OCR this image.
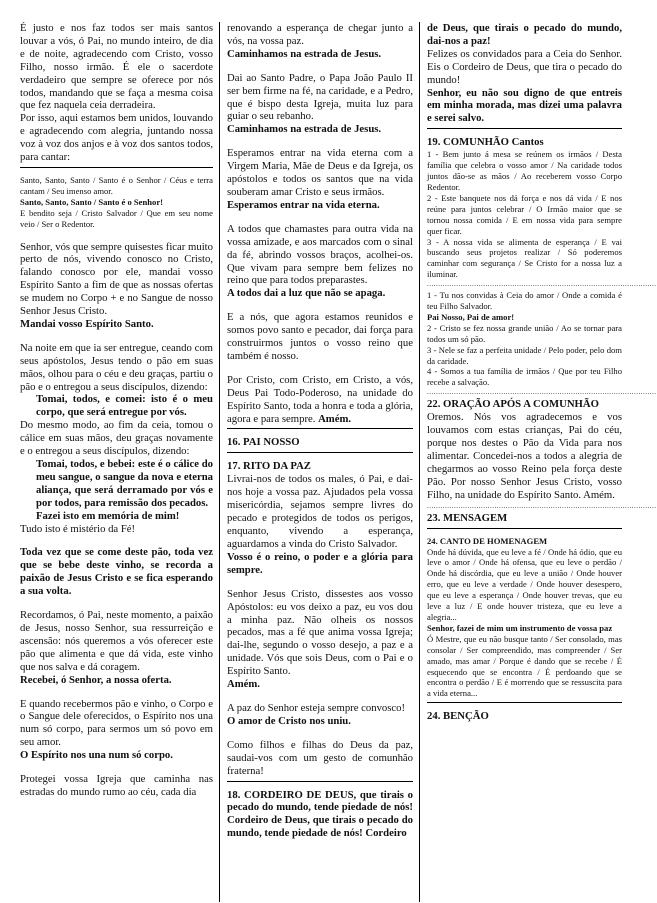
É justo e nos faz todos ser mais santos louvar a vós, ó Pai, no mundo inteiro, de dia e de noite, agradecendo com Cristo, vosso Filho, nosso irmão. É ele o sacerdote verdadeiro que sempre se oferece por nós todos, mandando que se faça a mesma coisa que fez naquela ceia derradeira.

Por isso, aqui estamos bem unidos, louvando e agradecendo com alegria, juntando nossa voz à voz dos anjos e à voz dos santos todos, para cantar:

Santo, Santo, Santo / Santo é o Senhor / Céus e terra cantam / Seu imenso amor.

Santo, Santo, Santo / Santo é o Senhor!

E bendito seja / Cristo Salvador / Que em seu nome veio / Ser o Redentor.

Senhor, vós que sempre quisestes ficar muito perto de nós, vivendo conosco no Cristo, falando conosco por ele, mandai vosso Espírito Santo a fim de que as nossas ofertas se mudem no Corpo + e no Sangue de nosso Senhor Jesus Cristo.

Mandai vosso Espírito Santo.

Na noite em que ia ser entregue, ceando com seus apóstolos, Jesus tendo o pão em suas mãos, olhou para o céu e deu graças, partiu o pão e o entregou a seus discípulos, dizendo:

Tomai, todos, e comei: isto é o meu corpo, que será entregue por vós.

Do mesmo modo, ao fim da ceia, tomou o cálice em suas mãos, deu graças novamente e o entregou a seus discípulos, dizendo:

Tomai, todos, e bebei: este é o cálice do meu sangue, o sangue da nova e eterna aliança, que será derramado por vós e por todos, para remissão dos pecados.

Fazei isto em memória de mim!

Tudo isto é mistério da Fé!

Toda vez que se come deste pão, toda vez que se bebe deste vinho, se recorda a paixão de Jesus Cristo e se fica esperando a sua volta.

Recordamos, ó Pai, neste momento, a paixão de Jesus, nosso Senhor, sua ressurreição e ascensão: nós queremos a vós oferecer este pão que alimenta e que dá vida, este vinho que nos salva e dá coragem.

Recebei, ó Senhor, a nossa oferta.

E quando recebermos pão e vinho, o Corpo e o Sangue dele oferecidos, o Espírito nos una num só corpo, para sermos um só povo em seu amor.

O Espírito nos una num só corpo.

Protegei vossa Igreja que caminha nas estradas do mundo rumo ao céu, cada dia

renovando a esperança de chegar junto a vós, na vossa paz.

Caminhamos na estrada de Jesus.

Dai ao Santo Padre, o Papa João Paulo II ser bem firme na fé, na caridade, e a Pedro, que é bispo desta Igreja, muita luz para guiar o seu rebanho.

Caminhamos na estrada de Jesus.

Esperamos entrar na vida eterna com a Virgem Maria, Mãe de Deus e da Igreja, os apóstolos e todos os santos que na vida souberam amar Cristo e seus irmãos.

Esperamos entrar na vida eterna.

A todos que chamastes para outra vida na vossa amizade, e aos marcados com o sinal da fé, abrindo vossos braços, acolhei-os. Que vivam para sempre bem felizes no reino que para todos preparastes.

A todos dai a luz que não se apaga.

E a nós, que agora estamos reunidos e somos povo santo e pecador, dai força para construirmos juntos o vosso reino que também é nosso.

Por Cristo, com Cristo, em Cristo, a vós, Deus Pai Todo-Poderoso, na unidade do Espírito Santo, toda a honra e toda a glória, agora e para sempre. Amém.

16. PAI NOSSO

17. RITO DA PAZ

Livrai-nos de todos os males, ó Pai, e dai-nos hoje a vossa paz. Ajudados pela vossa misericórdia, sejamos sempre livres do pecado e protegidos de todos os perigos, enquanto, vivendo a esperança, aguardamos a vinda do Cristo Salvador.

Vosso é o reino, o poder e a glória para sempre.

Senhor Jesus Cristo, dissestes aos vosso Apóstolos: eu vos deixo a paz, eu vos dou a minha paz. Não olheis os nossos pecados, mas a fé que anima vossa Igreja; dai-lhe, segundo o vosso desejo, a paz e a unidade. Vós que sois Deus, com o Pai e o Espírito Santo.

Amém.

A paz do Senhor esteja sempre convosco!

O amor de Cristo nos uniu.

Como filhos e filhas do Deus da paz, saudai-vos com um gesto de comunhão fraterna!

18. CORDEIRO DE DEUS, que tirais o pecado do mundo, tende piedade de nós! Cordeiro de Deus, que tirais o pecado do mundo, tende piedade de nós! Cordeiro

de Deus, que tirais o pecado do mundo, dai-nos a paz!

Felizes os convidados para a Ceia do Senhor. Eis o Cordeiro de Deus, que tira o pecado do mundo!

Senhor, eu não sou digno de que entreis em minha morada, mas dizei uma palavra e serei salvo.

19. COMUNHÃO Cantos

1 - Bem junto á mesa se reúnem os irmãos / Desta família que celebra o vosso amor / Na caridade todos juntos dão-se as mãos / Ao receberem vosso Corpo Redentor.

2 - Este banquete nos dá força e nos dá vida / E nos reúne para juntos celebrar / O Irmão maior que se tornou nossa comida / E em nossa vida para sempre quer ficar.

3 - A nossa vida se alimenta de esperança / E vai buscando seus projetos realizar / Só poderemos caminhar com segurança / Se Cristo for a nossa luz a iluminar.

......................................................................................................

1 - Tu nos convidas à Ceia do amor / Onde a comida é teu Filho Salvador.

Pai Nosso, Pai de amor!

2 - Cristo se fez nossa grande união / Ao se tornar para todos um só pão.

3 - Nele se faz a perfeita unidade / Pelo poder, pelo dom da caridade.

4 - Somos a tua família de irmãos / Que por teu Filho recebe a salvação.

......................................................................................................

22. ORAÇÃO APÓS A COMUNHÃO

Oremos. Nós vos agradecemos e vos louvamos com estas crianças, Pai do céu, porque nos destes o Pão da Vida para nos alimentar. Concedei-nos a todos a alegria de chegarmos ao vosso Reino pela força deste Pão. Por nosso Senhor Jesus Cristo, vosso Filho, na unidade do Espírito Santo. Amém.

......................................................................................................

23. MENSAGEM

24. CANTO DE HOMENAGEM

Onde há dúvida, que eu leve a fé / Onde há ódio, que eu leve o amor / Onde há ofensa, que eu leve o perdão / Onde há discórdia, que eu leve a união / Onde houver erro, que eu leve a verdade / Onde houver desespero, que eu leve a esperança / Onde houver trevas, que eu leve a luz / E onde houver tristeza, que eu leve a alegria...

Senhor, fazei de mim um instrumento de vossa paz

Ó Mestre, que eu não busque tanto / Ser consolado, mas consolar / Ser compreendido, mas compreender / Ser amado, mas amar / Porque é dando que se recebe / É esquecendo que se encontra / É perdoando que se encontra o perdão / E é morrendo que se ressuscita para a vida eterna...

24. BENÇÃO
